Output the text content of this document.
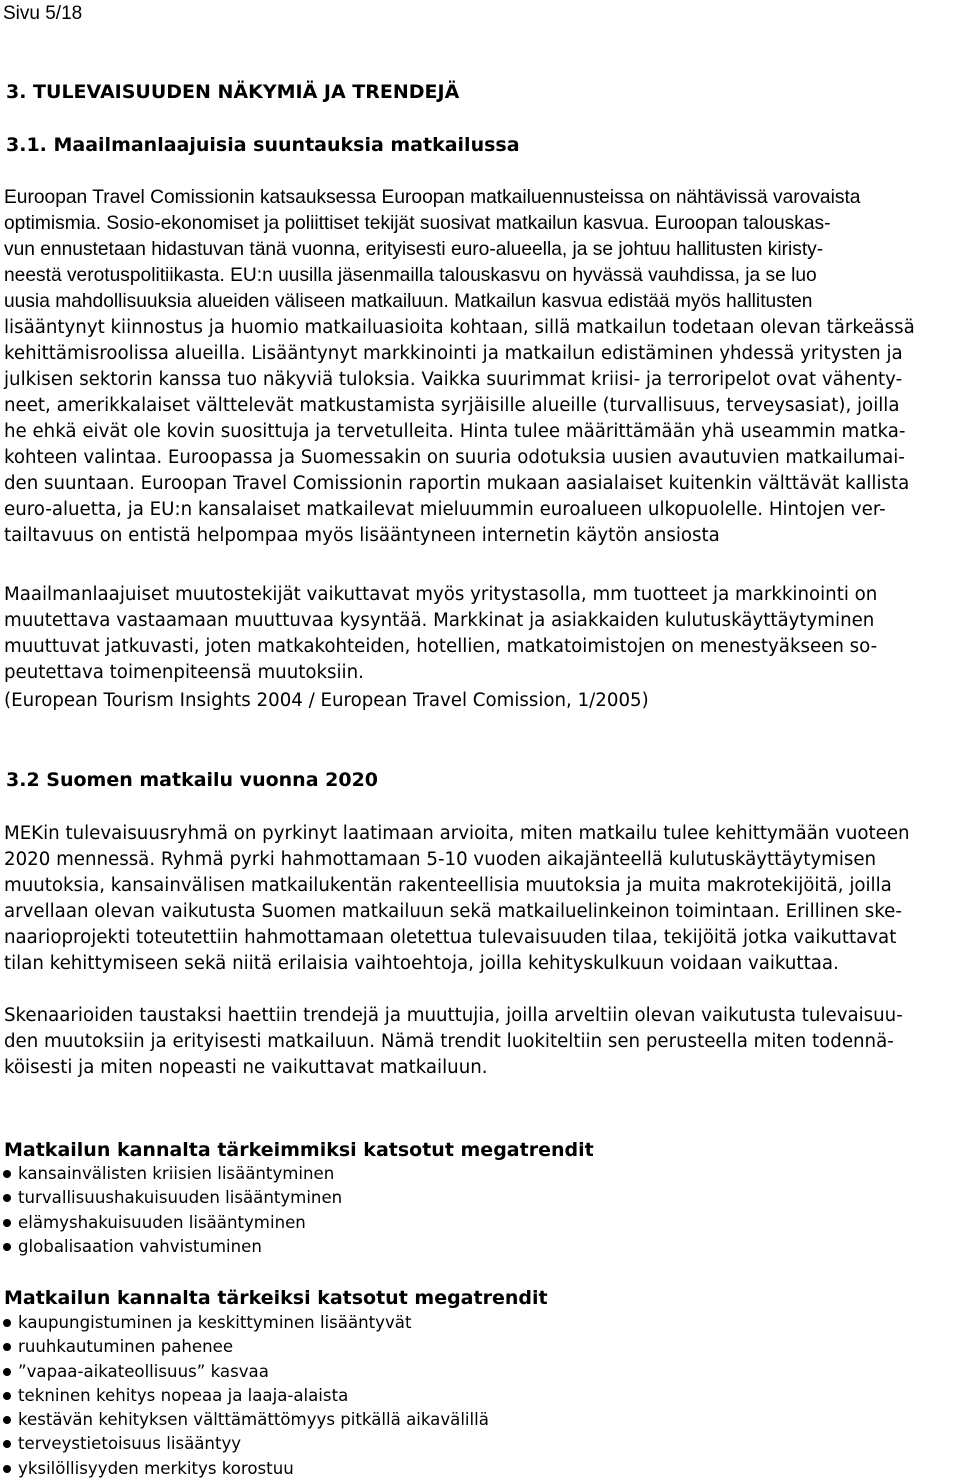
Sivu 5/18
3. TULEVAISUUDEN NÄKYMIÄ JA TRENDEJÄ
3.1. Maailmanlaajuisia suuntauksia matkailussa
Euroopan Travel Comissionin katsauksessa Euroopan matkailuennusteissa on nähtävissä varovaista
optimismia. Sosio-ekonomiset ja poliittiset tekijät suosivat matkailun kasvua. Euroopan talouskas-
vun ennustetaan hidastuvan tänä vuonna, erityisesti euro-alueella, ja se johtuu hallitusten kiristy-
neestä verotuspolitiikasta. EU:n uusilla jäsenmailla talouskasvu on hyvässä vauhdissa, ja se luo
uusia mahdollisuuksia alueiden väliseen matkailuun. Matkailun kasvua edistää myös hallitusten
lisääntynyt kiinnostus ja huomio matkailuasioita kohtaan, sillä matkailun todetaan olevan tärkeässä
kehittämisroolissa alueilla. Lisääntynyt markkinointi ja matkailun edistäminen yhdessä yritysten ja
julkisen sektorin kanssa tuo näkyviä tuloksia. Vaikka suurimmat kriisi- ja terroripelot ovat vähenty-
neet, amerikkalaiset välttelevät matkustamista syrjäisille alueille (turvallisuus, terveysasiat), joilla
he ehkä eivät ole kovin suosittuja ja tervetulleita. Hinta tulee määrittämään yhä useammin matka-
kohteen valintaa. Euroopassa ja Suomessakin on suuria odotuksia uusien avautuvien matkailumai-
den suuntaan. Euroopan Travel Comissionin raportin mukaan aasialaiset kuitenkin välttävät kallista
euro-aluetta, ja EU:n kansalaiset matkailevat mieluummin euroalueen ulkopuolelle. Hintojen ver-
tailtavuus on entistä helpompaa myös lisääntyneen internetin käytön ansiosta
Maailmanlaajuiset muutostekijät vaikuttavat myös yritystasolla, mm tuotteet ja markkinointi on
muutettava vastaamaan muuttuvaa kysyntää. Markkinat ja asiakkaiden kulutuskäyttäytyminen
muuttuvat jatkuvasti, joten matkakohteiden, hotellien, matkatoimistojen on menestyäkseen so-
peutettava toimenpiteensä muutoksiin.
(European Tourism Insights 2004 / European Travel Comission, 1/2005)
3.2 Suomen matkailu vuonna 2020
MEKin tulevaisuusryhmä on pyrkinyt laatimaan arvioita, miten matkailu tulee kehittymään vuoteen
2020 mennessä. Ryhmä pyrki hahmottamaan 5-10 vuoden aikajänteellä kulutuskäyttäytymisen
muutoksia, kansainvälisen matkailukentän rakenteellisia muutoksia ja muita makrotekijöitä, joilla
arvellaan olevan vaikutusta Suomen matkailuun sekä matkailuelinkeinon toimintaan. Erillinen ske-
naarioprojekti toteutettiin hahmottamaan oletettua tulevaisuuden tilaa, tekijöitä jotka vaikuttavat
tilan kehittymiseen sekä niitä erilaisia vaihtoehtoja, joilla kehityskulkuun voidaan vaikuttaa.
Skenaarioiden taustaksi haettiin trendejä ja muuttujia, joilla arveltiin olevan vaikutusta tulevaisuu-
den muutoksiin ja erityisesti matkailuun. Nämä trendit luokiteltiin sen perusteella miten todennä-
köisesti ja miten nopeasti ne vaikuttavat matkailuun.
Matkailun kannalta tärkeimmiksi katsotut megatrendit
kansainvälisten kriisien lisääntyminen
turvallisuushakuisuuden lisääntyminen
elämyshakuisuuden lisääntyminen
globalisaation vahvistuminen
Matkailun kannalta tärkeiksi katsotut megatrendit
kaupungistuminen ja keskittyminen lisääntyvät
ruuhkautuminen pahenee
”vapaa-aikateollisuus” kasvaa
tekninen kehitys nopeaa ja laaja-alaista
kestävän kehityksen välttämättömyys pitkällä aikavälillä
terveystietoisuus lisääntyy
yksilöllisyyden merkitys korostuu
